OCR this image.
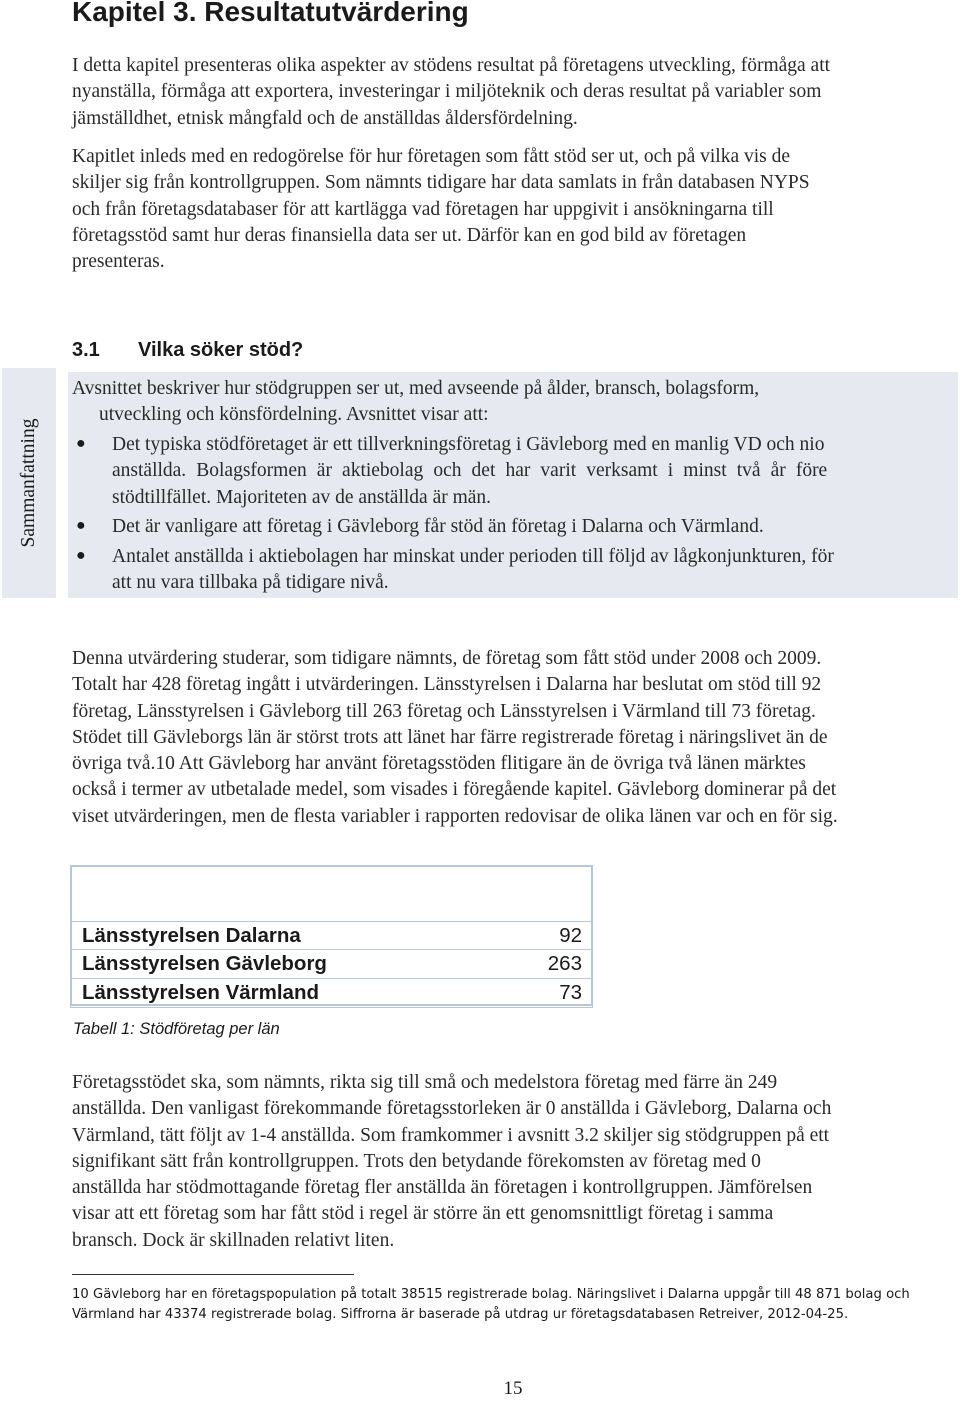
Kapitel 3. Resultatutvärdering

I detta kapitel presenteras olika aspekter av stödens resultat på företagens utveckling, förmåga att
nyanställa, förmåga att exportera, investeringar i miljöteknik och deras resultat på variabler som
jämställdhet, etnisk mångfald och de anställdas åldersfördelning.

Kapitlet inleds med en redogörelse för hur företagen som fått stöd ser ut, och på vilka vis de
skiljer sig från kontrollgruppen. Som nämnts tidigare har data samlats in från databasen NYPS
och från företagsdatabaser för att kartlägga vad företagen har uppgivit i ansökningarna till
företagsstöd samt hur deras finansiella data ser ut. Därför kan en god bild av företagen
presenteras.

3.1 Vilka söker stöd?
Sammanfattning

Avsnittet beskriver hur stödgruppen ser ut, med avseende på ålder, bransch, bolagsform,
utveckling och könsfördelning. Avsnittet visar att:

● Det typiska stödföretaget är ett tillverkningsföretag i Gävleborg med en manlig VD och nio
anställda. Bolagsformen är aktiebolag och det har varit verksamt i minst två år före
stödtillfället. Majoriteten av de anställda är män.

● Det är vanligare att företag i Gävleborg får stöd än företag i Dalarna och Värmland.

● Antalet anställda i aktiebolagen har minskat under perioden till följd av lågkonjunkturen, för
att nu vara tillbaka på tidigare nivå.

Denna utvärdering studerar, som tidigare nämnts, de företag som fått stöd under 2008 och 2009.
Totalt har 428 företag ingått i utvärderingen. Länsstyrelsen i Dalarna har beslutat om stöd till 92
företag, Länsstyrelsen i Gävleborg till 263 företag och Länsstyrelsen i Värmland till 73 företag.
Stödet till Gävleborgs län är störst trots att länet har färre registrerade företag i näringslivet än de
övriga två.10 Att Gävleborg har använt företagsstöden flitigare än de övriga två länen märktes
också i termer av utbetalade medel, som visades i föregående kapitel. Gävleborg dominerar på det
viset utvärderingen, men de flesta variabler i rapporten redovisar de olika länen var och en för sig.

Länsstyrelsen Dalarna	92
Länsstyrelsen Gävleborg	263
Länsstyrelsen Värmland	73
Tabell 1: Stödföretag per län

Företagsstödet ska, som nämnts, rikta sig till små och medelstora företag med färre än 249
anställda. Den vanligast förekommande företagsstorleken är 0 anställda i Gävleborg, Dalarna och
Värmland, tätt följt av 1-4 anställda. Som framkommer i avsnitt 3.2 skiljer sig stödgruppen på ett
signifikant sätt från kontrollgruppen. Trots den betydande förekomsten av företag med 0
anställda har stödmottagande företag fler anställda än företagen i kontrollgruppen. Jämförelsen
visar att ett företag som har fått stöd i regel är större än ett genomsnittligt företag i samma
bransch. Dock är skillnaden relativt liten.

10 Gävleborg har en företagspopulation på totalt 38515 registrerade bolag. Näringslivet i Dalarna uppgår till 48 871 bolag och
Värmland har 43374 registrerade bolag. Siffrorna är baserade på utdrag ur företagsdatabasen Retreiver, 2012-04-25.
15
